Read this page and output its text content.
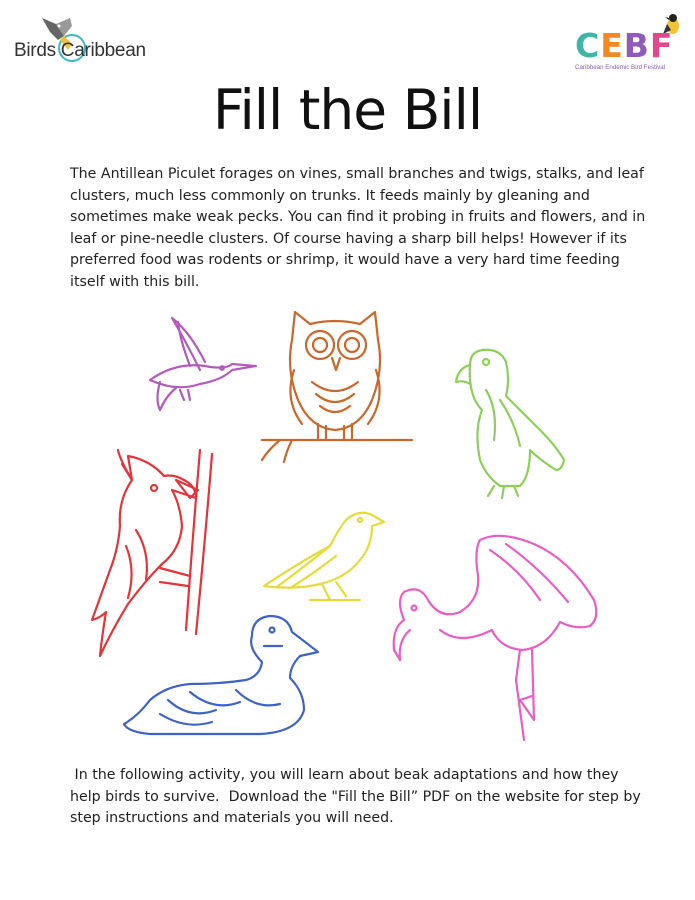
Birds Caribbean	CEBF
Caribbean Endemic Bird Festival
Fill the Bill

The Antillean Piculet forages on vines, small branches and twigs, stalks, and leaf clusters, much less commonly on trunks. It feeds mainly by gleaning and sometimes make weak pecks. You can find it probing in fruits and flowers, and in leaf or pine-needle clusters. Of course having a sharp bill helps! However if its preferred food was rodents or shrimp, it would have a very hard time feeding itself with this bill.

In the following activity, you will learn about beak adaptations and how they help birds to survive.  Download the "Fill the Bill” PDF on the website for step by step instructions and materials you will need.
